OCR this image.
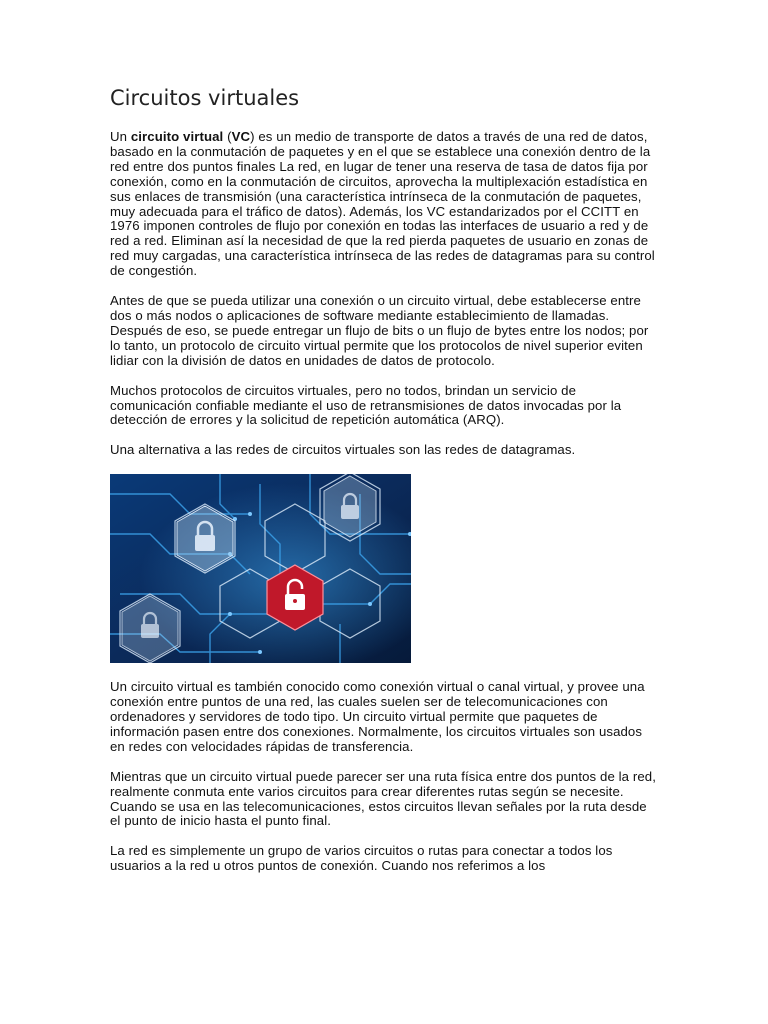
Circuitos virtuales

Un circuito virtual (VC) es un medio de transporte de datos a través de una red de datos, basado en la conmutación de paquetes y en el que se establece una conexión dentro de la red entre dos puntos finales La red, en lugar de tener una reserva de tasa de datos fija por conexión, como en la conmutación de circuitos, aprovecha la multiplexación estadística en sus enlaces de transmisión (una característica intrínseca de la conmutación de paquetes, muy adecuada para el tráfico de datos). Además, los VC estandarizados por el CCITT en 1976 imponen controles de flujo por conexión en todas las interfaces de usuario a red y de red a red. Eliminan así la necesidad de que la red pierda paquetes de usuario en zonas de red muy cargadas, una característica intrínseca de las redes de datagramas para su control de congestión.

Antes de que se pueda utilizar una conexión o un circuito virtual, debe establecerse entre dos o más nodos o aplicaciones de software mediante establecimiento de llamadas. Después de eso, se puede entregar un flujo de bits o un flujo de bytes entre los nodos; por lo tanto, un protocolo de circuito virtual permite que los protocolos de nivel superior eviten lidiar con la división de datos en unidades de datos de protocolo.

Muchos protocolos de circuitos virtuales, pero no todos, brindan un servicio de comunicación confiable mediante el uso de retransmisiones de datos invocadas por la detección de errores y la solicitud de repetición automática (ARQ).

Una alternativa a las redes de circuitos virtuales son las redes de datagramas.

Un circuito virtual es también conocido como conexión virtual o canal virtual, y provee una conexión entre puntos de una red, las cuales suelen ser de telecomunicaciones con ordenadores y servidores de todo tipo. Un circuito virtual permite que paquetes de información pasen entre dos conexiones. Normalmente, los circuitos virtuales son usados en redes con velocidades rápidas de transferencia.

Mientras que un circuito virtual puede parecer ser una ruta física entre dos puntos de la red, realmente conmuta ente varios circuitos para crear diferentes rutas según se necesite. Cuando se usa en las telecomunicaciones, estos circuitos llevan señales por la ruta desde el punto de inicio hasta el punto final.

La red es simplemente un grupo de varios circuitos o rutas para conectar a todos los usuarios a la red u otros puntos de conexión. Cuando nos referimos a los
